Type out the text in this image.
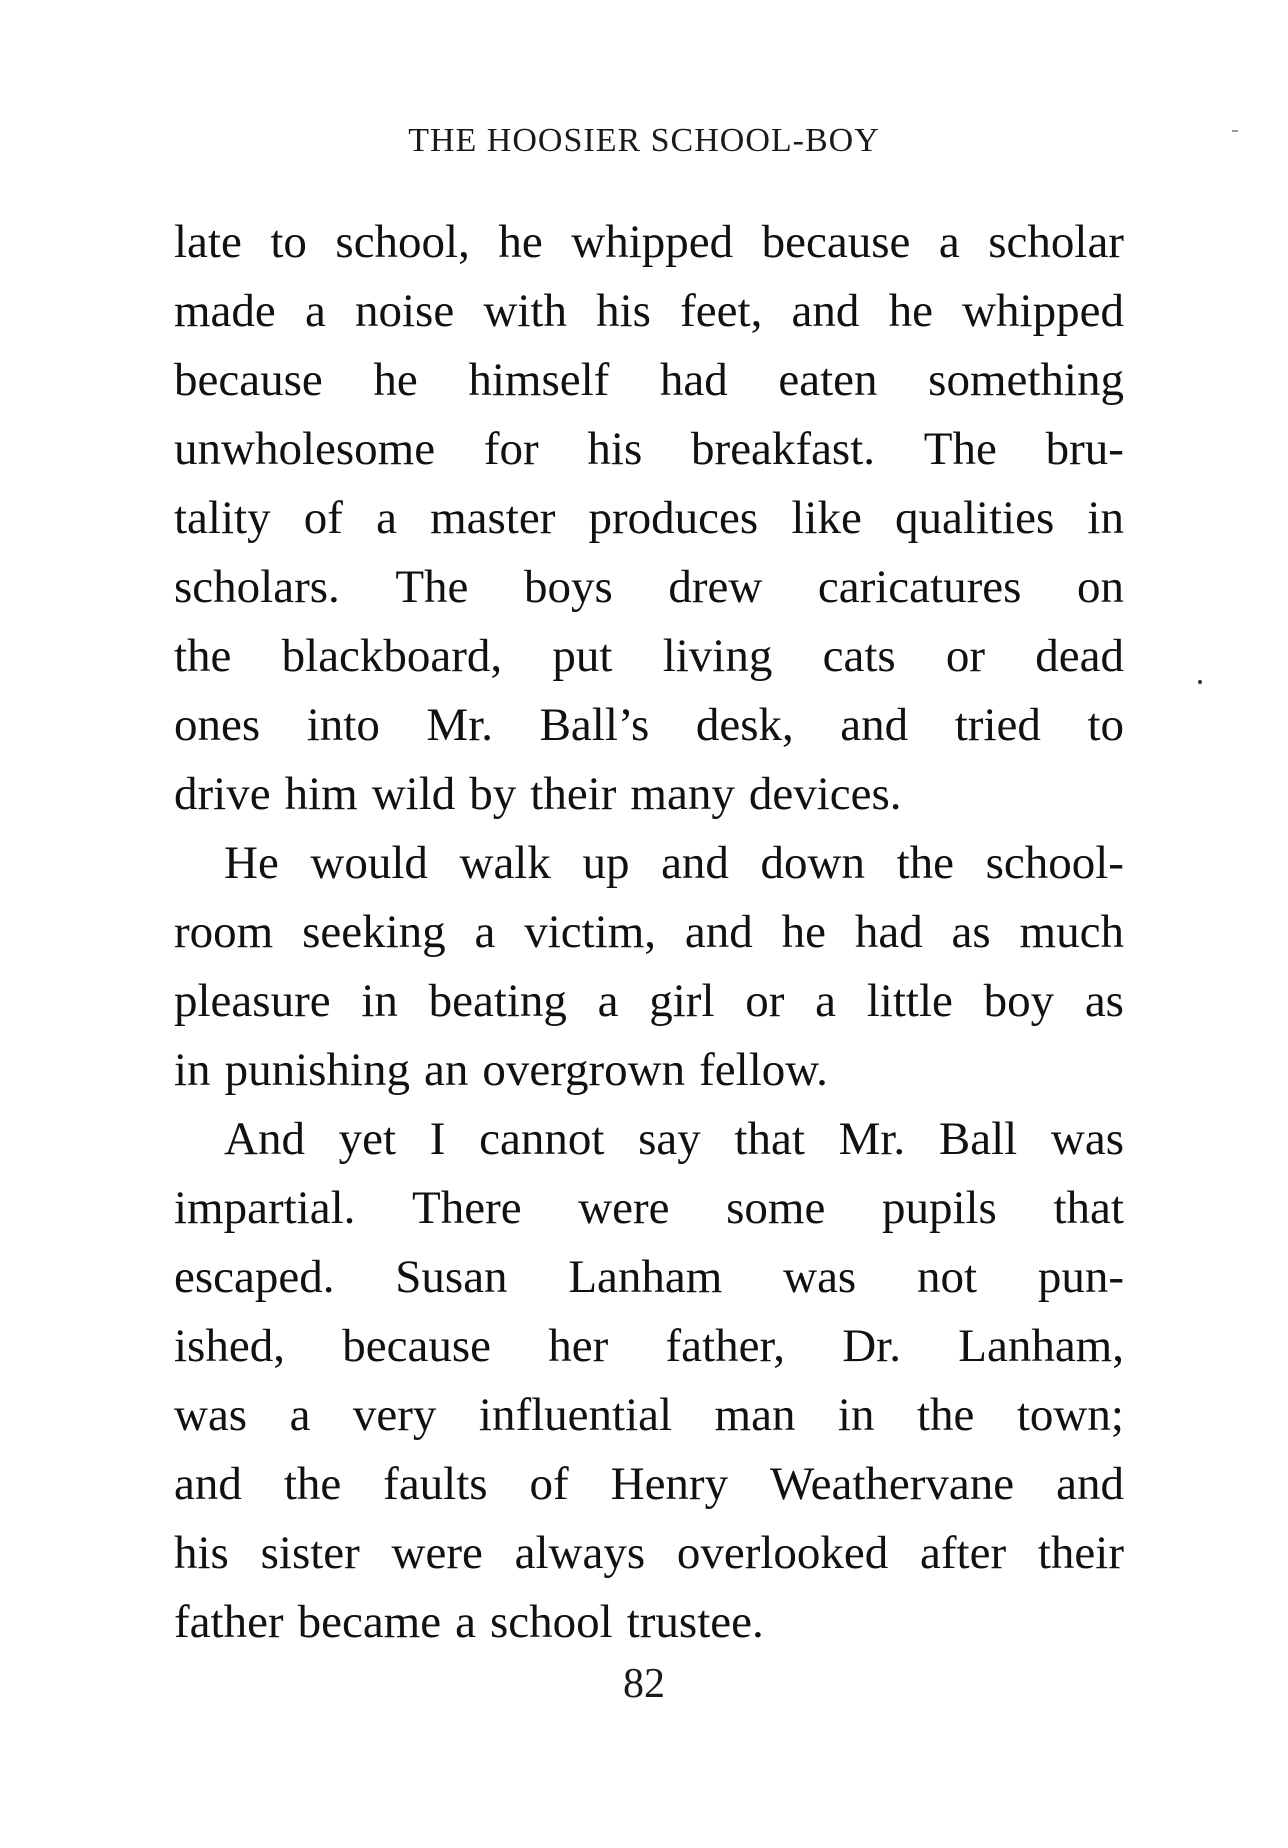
THE HOOSIER SCHOOL-BOY
late to school, he whipped because a scholar
made a noise with his feet, and he whipped
because he himself had eaten something
unwholesome for his breakfast. The bru-
tality of a master produces like qualities in
scholars. The boys drew caricatures on
the blackboard, put living cats or dead
ones into Mr. Ball’s desk, and tried to
drive him wild by their many devices.
He would walk up and down the school-
room seeking a victim, and he had as much
pleasure in beating a girl or a little boy as
in punishing an overgrown fellow.
And yet I cannot say that Mr. Ball was
impartial. There were some pupils that
escaped. Susan Lanham was not pun-
ished, because her father, Dr. Lanham,
was a very influential man in the town;
and the faults of Henry Weathervane and
his sister were always overlooked after their
father became a school trustee.
82
